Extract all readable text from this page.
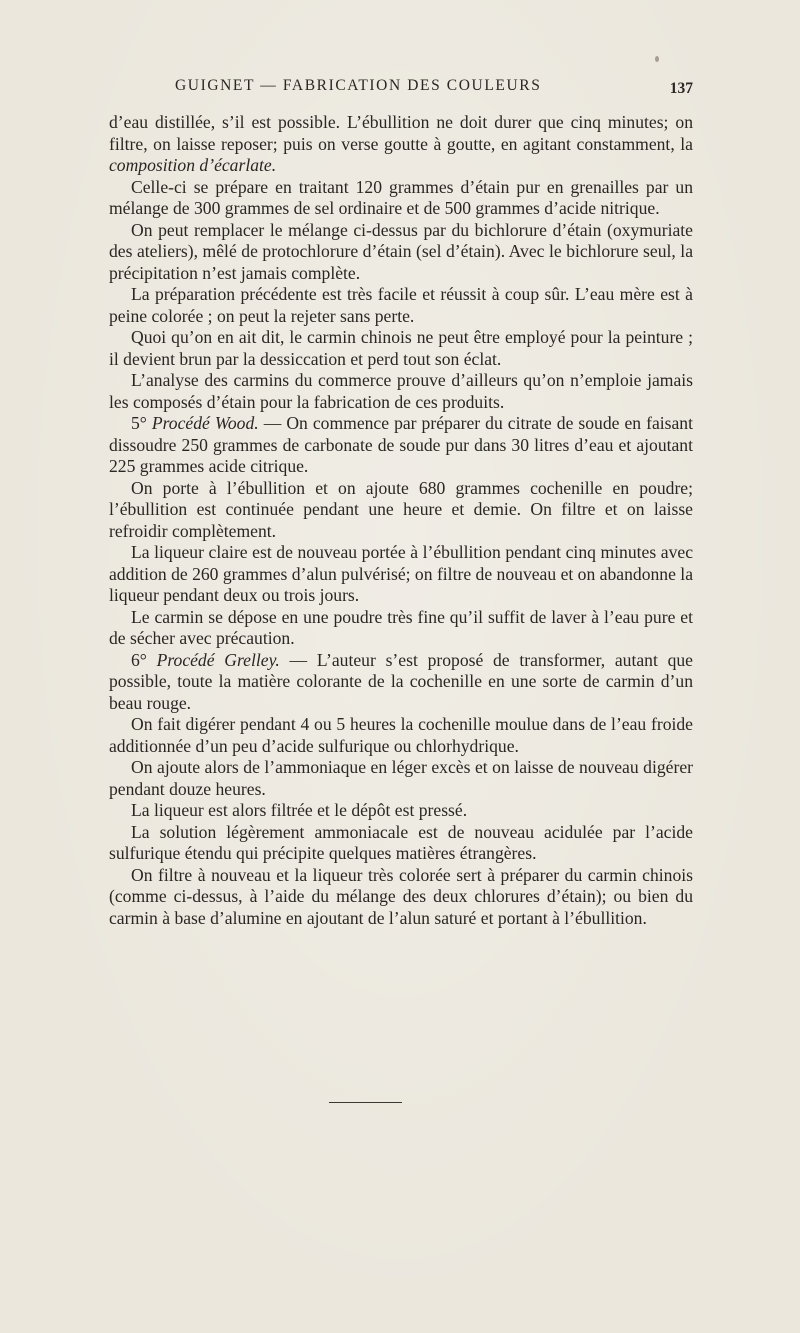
GUIGNET — FABRICATION DES COULEURS	137

d’eau distillée, s’il est possible. L’ébullition ne doit durer que cinq minutes; on filtre, on laisse reposer; puis on verse goutte à goutte, en agitant constamment, la composition d’écarlate.

Celle-ci se prépare en traitant 120 grammes d’étain pur en grenailles par un mélange de 300 grammes de sel ordinaire et de 500 grammes d’acide nitrique.

On peut remplacer le mélange ci-dessus par du bichlorure d’étain (oxymuriate des ateliers), mêlé de protochlorure d’étain (sel d’étain). Avec le bichlorure seul, la précipitation n’est jamais complète.

La préparation précédente est très facile et réussit à coup sûr. L’eau mère est à peine colorée ; on peut la rejeter sans perte.

Quoi qu’on en ait dit, le carmin chinois ne peut être employé pour la peinture ; il devient brun par la dessiccation et perd tout son éclat.

L’analyse des carmins du commerce prouve d’ailleurs qu’on n’emploie jamais les composés d’étain pour la fabrication de ces produits.

5° Procédé Wood. — On commence par préparer du citrate de soude en faisant dissoudre 250 grammes de carbonate de soude pur dans 30 litres d’eau et ajoutant 225 grammes acide citrique.

On porte à l’ébullition et on ajoute 680 grammes cochenille en poudre; l’ébullition est continuée pendant une heure et demie. On filtre et on laisse refroidir complètement.

La liqueur claire est de nouveau portée à l’ébullition pendant cinq minutes avec addition de 260 grammes d’alun pulvérisé; on filtre de nouveau et on abandonne la liqueur pendant deux ou trois jours.

Le carmin se dépose en une poudre très fine qu’il suffit de laver à l’eau pure et de sécher avec précaution.

6° Procédé Grelley. — L’auteur s’est proposé de transformer, autant que possible, toute la matière colorante de la cochenille en une sorte de carmin d’un beau rouge.

On fait digérer pendant 4 ou 5 heures la cochenille moulue dans de l’eau froide additionnée d’un peu d’acide sulfurique ou chlorhydrique.

On ajoute alors de l’ammoniaque en léger excès et on laisse de nouveau digérer pendant douze heures.

La liqueur est alors filtrée et le dépôt est pressé.

La solution légèrement ammoniacale est de nouveau acidulée par l’acide sulfurique étendu qui précipite quelques matières étrangères.

On filtre à nouveau et la liqueur très colorée sert à préparer du carmin chinois (comme ci-dessus, à l’aide du mélange des deux chlorures d’étain); ou bien du carmin à base d’alumine en ajoutant de l’alun saturé et portant à l’ébullition.
